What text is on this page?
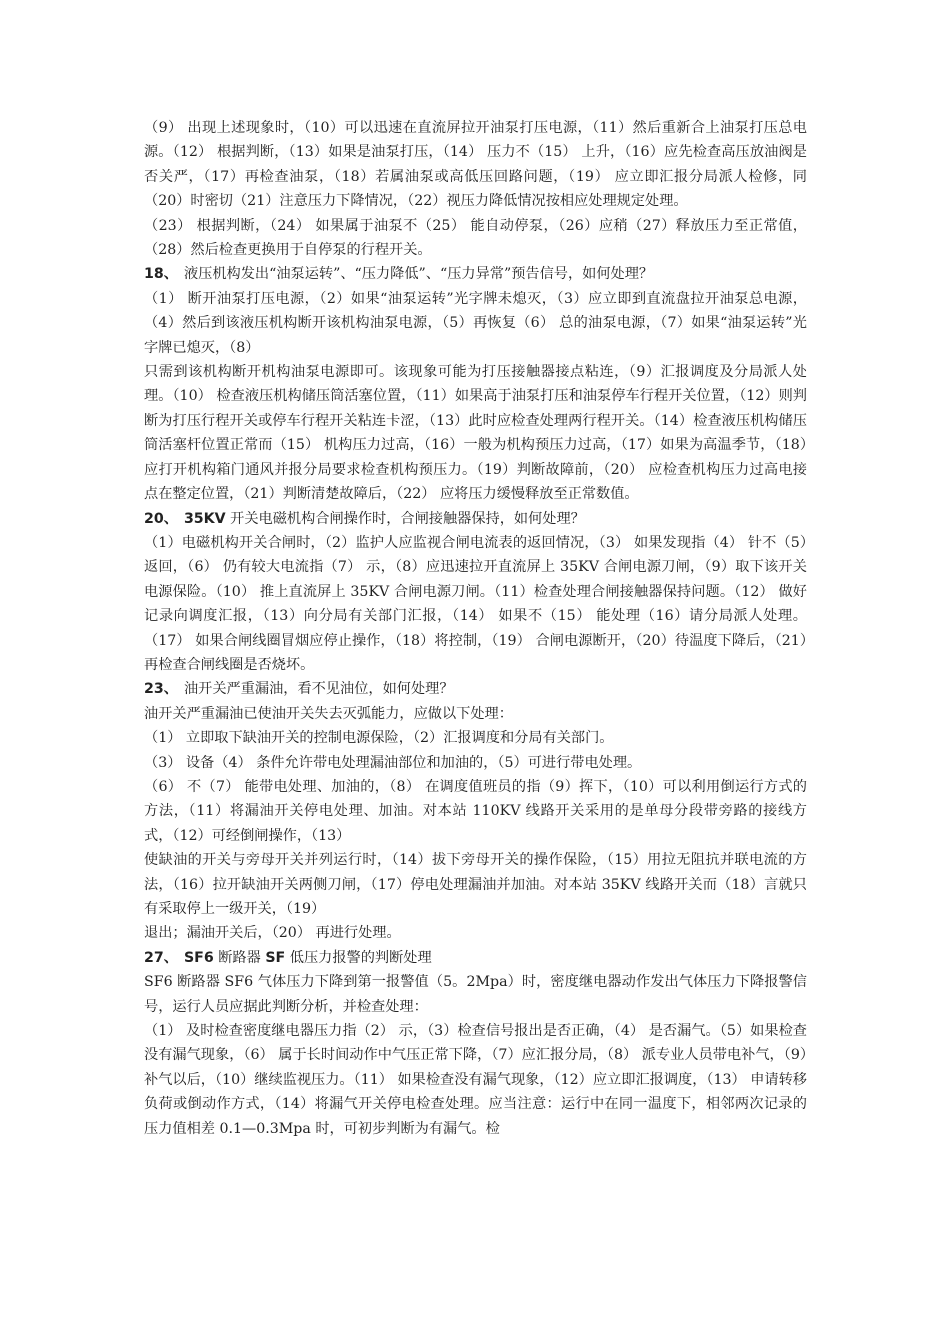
（9） 出现上述现象时，（10）可以迅速在直流屏拉开油泵打压电源，（11）然后重新合上油泵打压总电源。（12） 根据判断，（13）如果是油泵打压，（14） 压力不（15） 上升，（16）应先检查高压放油阀是否关严，（17）再检查油泵，（18）若属油泵或高低压回路问题，（19） 应立即汇报分局派人检修，同（20）时密切（21）注意压力下降情况，（22）视压力降低情况按相应处理规定处理。

（23） 根据判断，（24） 如果属于油泵不（25） 能自动停泵，（26）应稍（27）释放压力至正常值，（28）然后检查更换用于自停泵的行程开关。

18、 液压机构发出“油泵运转”、“压力降低”、“压力异常”预告信号，如何处理？

（1） 断开油泵打压电源，（2）如果“油泵运转”光字牌未熄灭，（3）应立即到直流盘拉开油泵总电源，（4）然后到该液压机构断开该机构油泵电源，（5）再恢复（6） 总的油泵电源，（7）如果“油泵运转”光字牌已熄灭，（8）

只需到该机构断开机构油泵电源即可。该现象可能为打压接触器接点粘连，（9）汇报调度及分局派人处理。（10） 检查液压机构储压筒活塞位置，（11）如果高于油泵打压和油泵停车行程开关位置，（12）则判断为打压行程开关或停车行程开关粘连卡涩，（13）此时应检查处理两行程开关。（14）检查液压机构储压筒活塞杆位置正常而（15） 机构压力过高，（16）一般为机构预压力过高，（17）如果为高温季节，（18）应打开机构箱门通风并报分局要求检查机构预压力。（19）判断故障前，（20） 应检查机构压力过高电接点在整定位置，（21）判断清楚故障后，（22） 应将压力缓慢释放至正常数值。

20、 35KV 开关电磁机构合闸操作时，合闸接触器保持，如何处理？

（1）电磁机构开关合闸时，（2）监护人应监视合闸电流表的返回情况，（3） 如果发现指（4） 针不（5）返回，（6） 仍有较大电流指（7） 示，（8）应迅速拉开直流屏上 35KV 合闸电源刀闸，（9）取下该开关电源保险。（10） 推上直流屏上 35KV 合闸电源刀闸。（11）检查处理合闸接触器保持问题。（12） 做好记录向调度汇报，（13）向分局有关部门汇报，（14） 如果不（15） 能处理（16）请分局派人处理。（17） 如果合闸线圈冒烟应停止操作，（18）将控制，（19） 合闸电源断开，（20）待温度下降后，（21）再检查合闸线圈是否烧坏。

23、 油开关严重漏油，看不见油位，如何处理？

油开关严重漏油已使油开关失去灭弧能力，应做以下处理：

（1） 立即取下缺油开关的控制电源保险，（2）汇报调度和分局有关部门。

（3） 设备（4） 条件允许带电处理漏油部位和加油的，（5）可进行带电处理。

（6） 不（7） 能带电处理、加油的，（8） 在调度值班员的指（9）挥下，（10）可以利用倒运行方式的方法，（11）将漏油开关停电处理、加油。对本站 110KV 线路开关采用的是单母分段带旁路的接线方式，（12）可经倒闸操作，（13）

使缺油的开关与旁母开关并列运行时，（14）拔下旁母开关的操作保险，（15）用拉无阻抗并联电流的方法，（16）拉开缺油开关两侧刀闸，（17）停电处理漏油并加油。对本站 35KV 线路开关而（18）言就只有采取停上一级开关，（19）

退出；漏油开关后，（20） 再进行处理。

27、 SF6 断路器 SF 低压力报警的判断处理

SF6 断路器 SF6 气体压力下降到第一报警值（5。2Mpa）时，密度继电器动作发出气体压力下降报警信号，运行人员应据此判断分析，并检查处理：

（1） 及时检查密度继电器压力指（2） 示，（3）检查信号报出是否正确，（4） 是否漏气。（5）如果检查没有漏气现象，（6） 属于长时间动作中气压正常下降，（7）应汇报分局，（8） 派专业人员带电补气，（9）补气以后，（10）继续监视压力。（11） 如果检查没有漏气现象，（12）应立即汇报调度，（13） 申请转移负荷或倒动作方式，（14）将漏气开关停电检查处理。应当注意：运行中在同一温度下，相邻两次记录的压力值相差 0.1—0.3Mpa 时，可初步判断为有漏气。检
